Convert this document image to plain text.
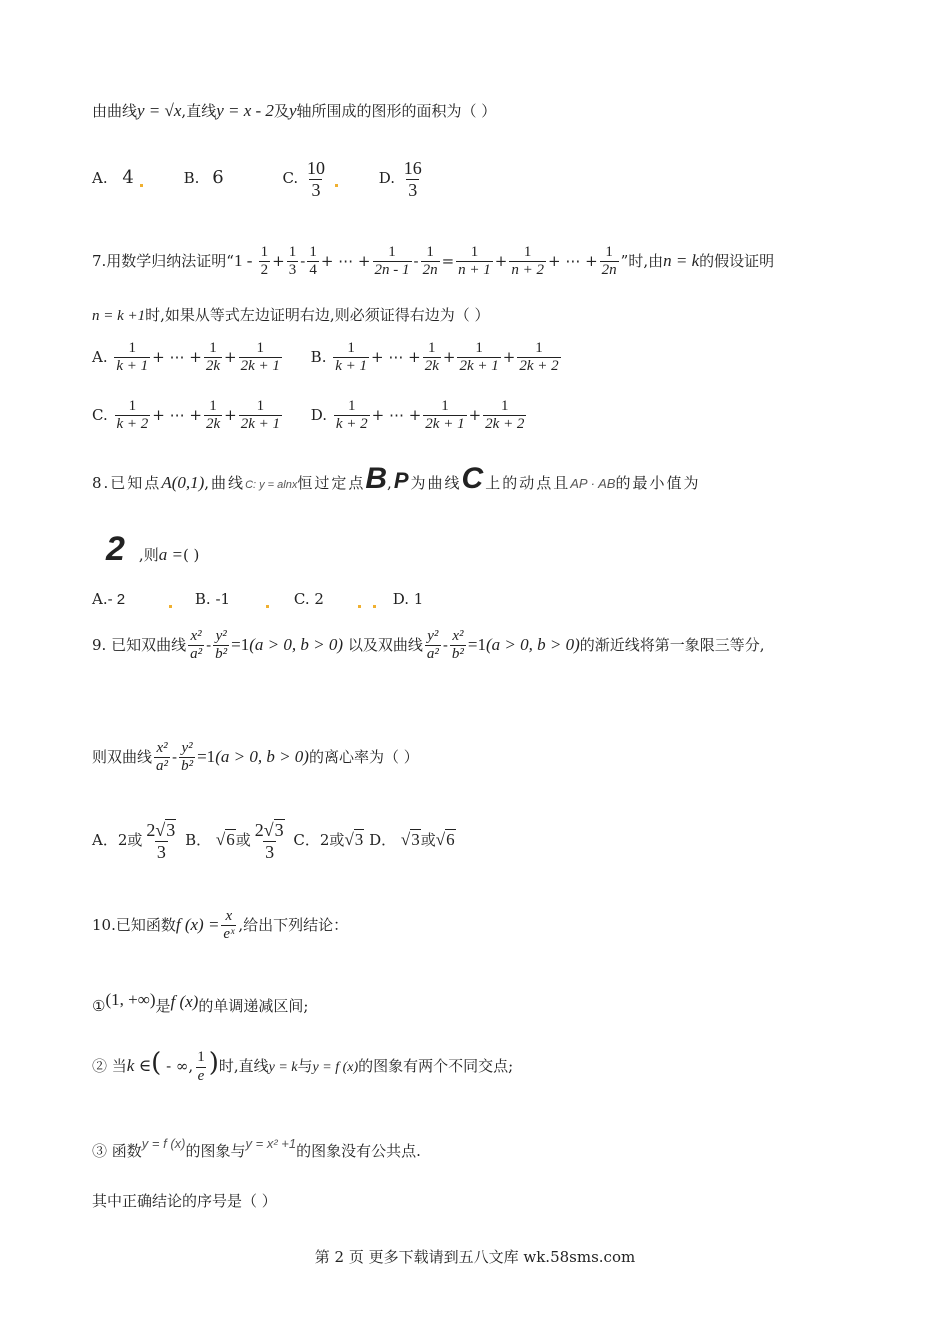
由曲线y = √x,直线y = x - 2及y轴所围成的图形的面积为（ ）
A. 4	B. 6	C. $\frac{10}{3}$	D. $\frac{16}{3}$
7.用数学归纳法证明“$1 - \frac{1}{2} + \frac{1}{3} - \frac{1}{4}$ + ⋯ + $\frac{1}{2n - 1} - \frac{1}{2n} = \frac{1}{n + 1} + \frac{1}{n + 2}$ + ⋯ + $\frac{1}{2n}$ ”时,由n = k的假设证明
n = k +1时,如果从等式左边证明右边,则必须证得右边为（ ）
A. $\frac{1}{k + 1}$ + ⋯ + $\frac{1}{2k} + \frac{1}{2k + 1} B$. $\frac{1}{k + 1}$ + ⋯ + $\frac{1}{2k} + \frac{1}{2k + 1} + \frac{1}{2k + 2}$
C. $\frac{1}{k + 2}$ + ⋯ + $\frac{1}{2k} + \frac{1}{2k + 1} D$. $\frac{1}{k + 2}$ + ⋯ + $\frac{1}{2k + 1} + \frac{1}{2k + 2}$
8.已知点A(0,1),曲线C: y = alnx恒过定点B,P为曲线C上的动点且AP · AB的最小值为
2 ,则a =( )
A.- 2	B. -1	C. 2	D. 1
9. 已知双曲线 $\frac{\text{x²}}{\text{a²}} - \frac{\text{y²}}{\text{b²}} =1(a > 0$, b > 0) 以及双曲线 $\frac{\text{y²}}{\text{a²}} - \frac{\text{x²}}{\text{b²}} =1(a > 0$, b > 0)的渐近线将第一象限三等分,
则双曲线 $\frac{\text{x²}}{\text{a²}} - \frac{\text{y²}}{\text{b²}} =1(a > 0$, b > 0)的离心率为（ ）
A．2或 $\frac{2√3}{3}$ B． √6或 $\frac{2√3}{3}$ C．2或√3 D． √3或√6
10.已知函数f $(x) = \frac{x}{\text{eˣ}}$ ,给出下列结论：
①(1, +∞)是f (x)的单调递减区间;
② 当k ∈( - ∞, $\frac{1}{e}$ )时,直线y = k与y = f (x)的图象有两个不同交点;
③ 函数y = f (x)的图象与y = x² +1的图象没有公共点.
其中正确结论的序号是（ ）
第 2 页 更多下载请到五八文库 wk.58sms.com
